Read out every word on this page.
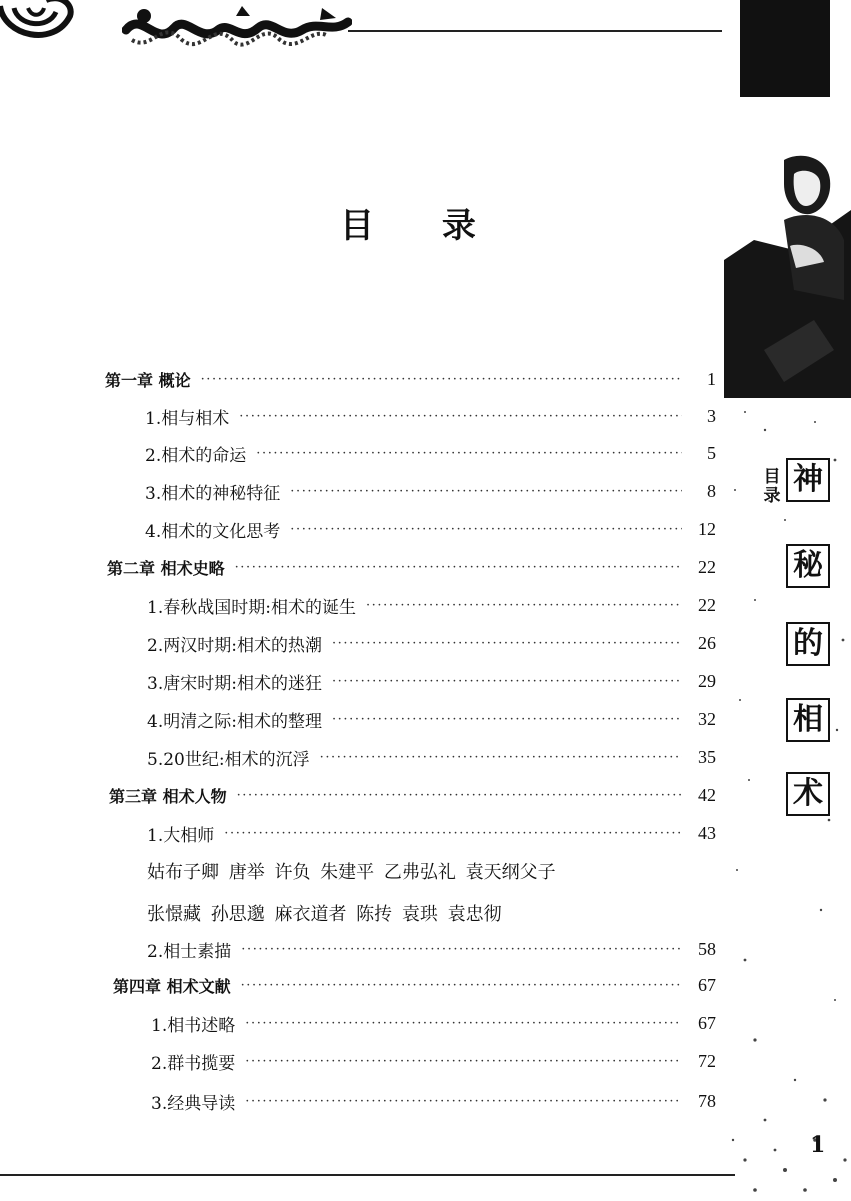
目录 神
秘
的
相
术
1
目 录
第一章 概论 ·····	1
1.相与相术 ·····	3
2.相术的命运 ·····	5
3.相术的神秘特征 ·····	8
4.相术的文化思考 ·····	12
第二章 相术史略 ·····	22
1.春秋战国时期:相术的诞生 ·····	22
2.两汉时期:相术的热潮 ·····	26
3.唐宋时期:相术的迷狂 ·····	29
4.明清之际:相术的整理 ·····	32
5.20世纪:相术的沉浮 ·····	35
第三章 相术人物 ·····	42
1.大相师 ·····	43
2.相士素描 ·····	58
第四章 相术文献 ·····	67
1.相书述略 ·····	67
2.群书揽要 ·····	72
3.经典导读 ·····	78
姑布子卿 唐举 许负 朱建平 乙弗弘礼 袁天纲父子
张憬藏 孙思邈 麻衣道者 陈抟 袁珙 袁忠彻
